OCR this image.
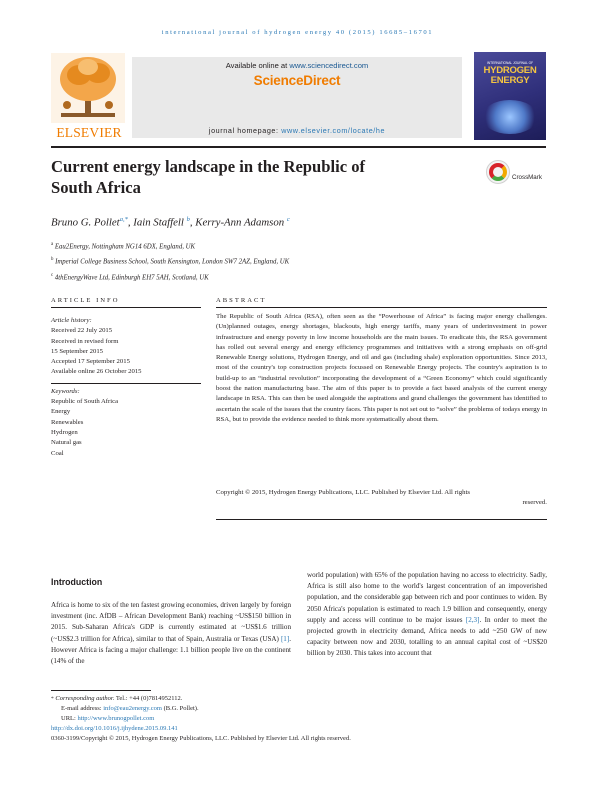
international journal of hydrogen energy 40 (2015) 16685–16701
ELSEVIER
Available online at www.sciencedirect.com
ScienceDirect
journal homepage: www.elsevier.com/locate/he
INTERNATIONAL JOURNAL OF
HYDROGEN
ENERGY
Current energy landscape in the Republic of
South Africa
CrossMark
Bruno G. Pollet$^{a,*}$, Iain Staffell $^b$, Kerry-Ann Adamson $^c$
$^a$ Eau2Energy, Nottingham NG14 6DX, England, UK
$^b$ Imperial College Business School, South Kensington, London SW7 2AZ, England, UK
$^c$ 4thEnergyWave Ltd, Edinburgh EH7 5AH, Scotland, UK
ARTICLE INFO	ABSTRACT
Article history:
Received 22 July 2015
Received in revised form
15 September 2015
Accepted 17 September 2015
Available online 26 October 2015
Keywords:
Republic of South Africa
Energy
Renewables
Hydrogen
Natural gas
Coal
The Republic of South Africa (RSA), often seen as the “Powerhouse of Africa” is facing major energy challenges. (Un)planned outages, energy shortages, blackouts, high energy tariffs, many years of underinvestment in power infrastructure and energy poverty in low income households are the main issues. To eradicate this, the RSA government has rolled out several energy and energy efficiency programmes and initiatives with a strong emphasis on off-grid Renewable Energy solutions, Hydrogen Energy, and oil and gas (including shale) exploration opportunities. Since 2013, most of the country's top construction projects focussed on Renewable Energy projects. The country's aspiration is to build-up to an “industrial revolution” incorporating the development of a “Green Economy” which could significantly boost the nation manufacturing base. The aim of this paper is to provide a fact based analysis of the current energy landscape in RSA. This can then be used alongside the aspirations and grand challenges the government has identified to ascertain the scale of the issues that the country faces. This paper is not set out to “solve” the problems of todays energy in RSA, but to provide the evidence needed to think more systematically about them.
Copyright © 2015, Hydrogen Energy Publications, LLC. Published by Elsevier Ltd. All rights
reserved.
Introduction
Africa is home to six of the ten fastest growing economies, driven largely by foreign investment (inc. AfDB – African Development Bank) reaching ~US$150 billion in 2015. Sub-Saharan Africa's GDP is currently estimated at ~US$1.6 trillion (~US$2.3 trillion for Africa), similar to that of Spain, Australia or Texas (USA) [1]. However Africa is facing a major challenge: 1.1 billion people live on the continent (14% of the
world population) with 65% of the population having no access to electricity. Sadly, Africa is still also home to the world's largest concentration of an impoverished population, and the considerable gap between rich and poor continues to widen. By 2050 Africa's population is estimated to reach 1.9 billion and consequently, energy supply and access will continue to be major issues [2,3]. In order to meet the projected growth in electricity demand, Africa needs to add ~250 GW of new capacity between now and 2030, totalling to an annual capital cost of ~US$20 billion by 2030. This takes into account that
* Corresponding author. Tel.: +44 (0)7814952112.
E-mail address: info@eau2energy.com (B.G. Pollet).
URL: http://www.brunogpollet.com
http://dx.doi.org/10.1016/j.ijhydene.2015.09.141
0360-3199/Copyright © 2015, Hydrogen Energy Publications, LLC. Published by Elsevier Ltd. All rights reserved.
